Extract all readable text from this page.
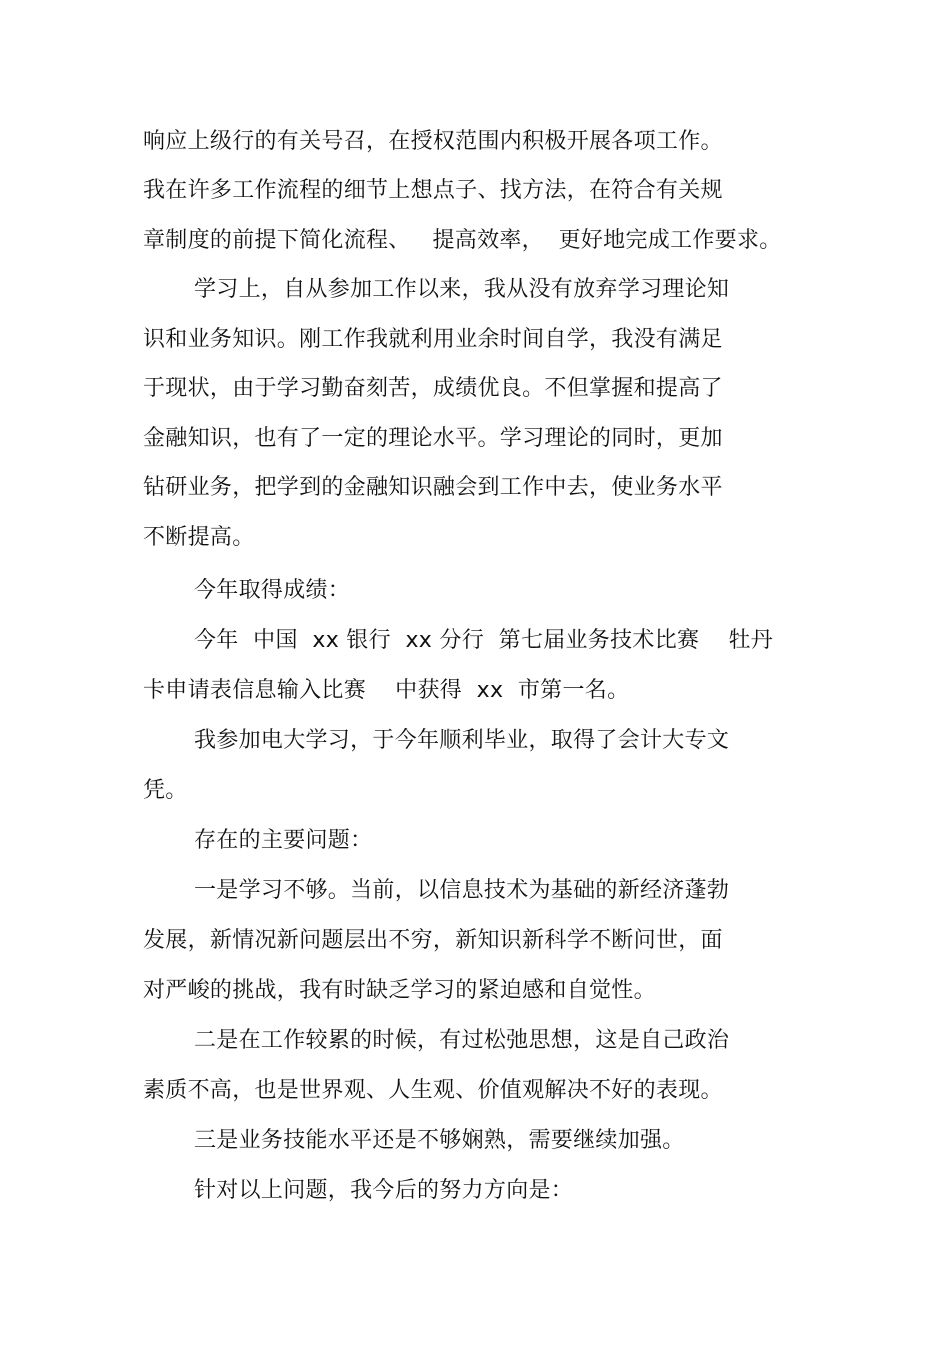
响应上级行的有关号召，在授权范围内积极开展各项工作。
我在许多工作流程的细节上想点子、找方法，在符合有关规
章制度的前提下简化流程、   提高效率，  更好地完成工作要求。
学习上，自从参加工作以来，我从没有放弃学习理论知
识和业务知识。刚工作我就利用业余时间自学，我没有满足
于现状，由于学习勤奋刻苦，成绩优良。不但掌握和提高了
金融知识，也有了一定的理论水平。学习理论的同时，更加
钻研业务，把学到的金融知识融会到工作中去，使业务水平
不断提高。
今年取得成绩：
今年  中国  xx 银行  xx 分行  第七届业务技术比赛    牡丹
卡申请表信息输入比赛    中获得  xx  市第一名。
我参加电大学习，于今年顺利毕业，取得了会计大专文
凭。
存在的主要问题：
一是学习不够。当前，以信息技术为基础的新经济蓬勃
发展，新情况新问题层出不穷，新知识新科学不断问世，面
对严峻的挑战，我有时缺乏学习的紧迫感和自觉性。
二是在工作较累的时候，有过松弛思想，这是自己政治
素质不高，也是世界观、人生观、价值观解决不好的表现。
三是业务技能水平还是不够娴熟，需要继续加强。
针对以上问题，我今后的努力方向是：
